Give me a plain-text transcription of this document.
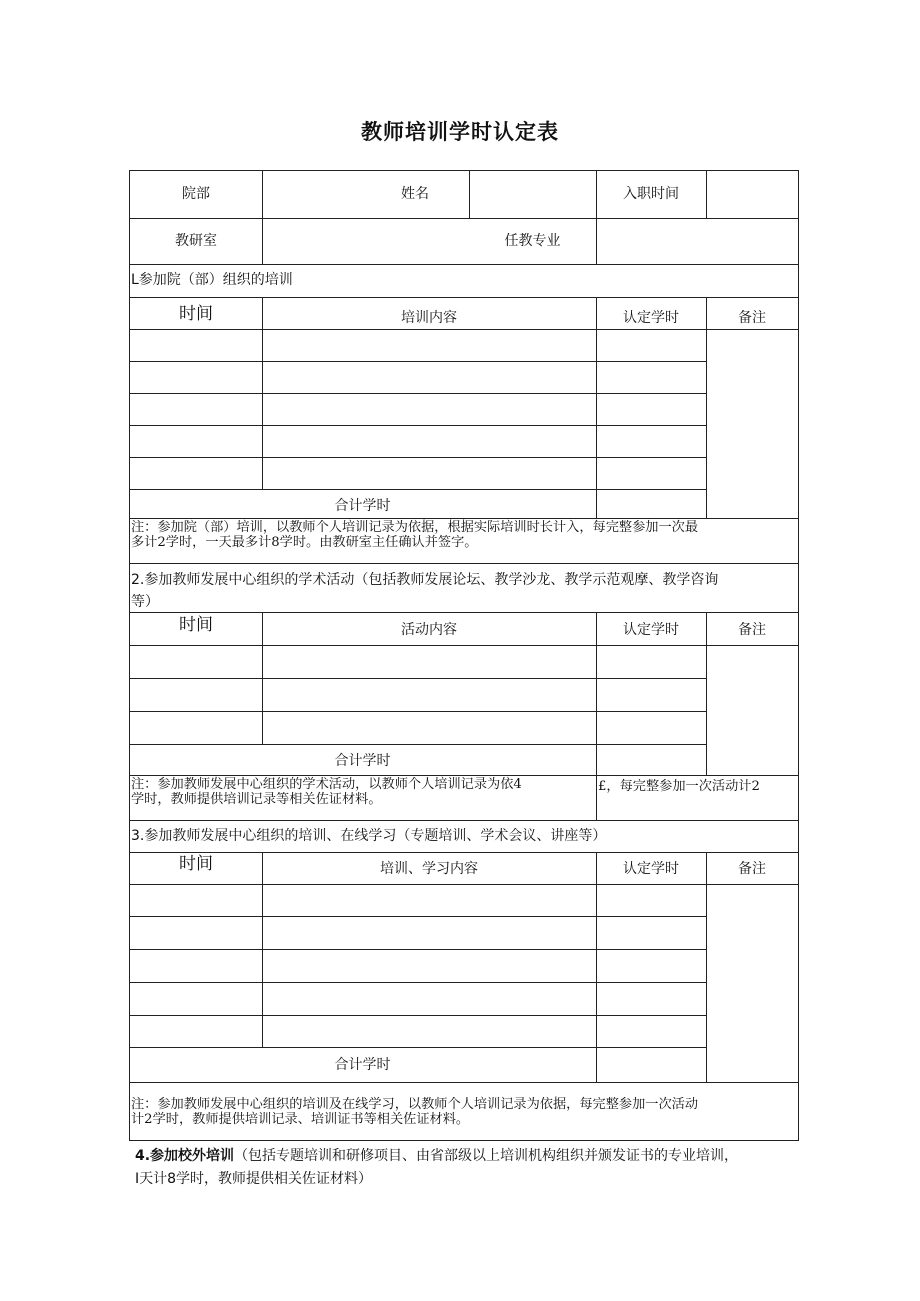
教师培训学时认定表
院部	姓名	入职时间
教研室	任教专业
L参加院（部）组织的培训
时间	培训内容	认定学时	备注
合计学时
注：参加院（部）培训，以教师个人培训记录为依据，根据实际培训时长计入，每完整参加一次最
多计2学时，一天最多计8学时。由教研室主任确认并签字。
2.参加教师发展中心组织的学术活动（包括教师发展论坛、教学沙龙、教学示范观摩、教学咨询
等）
时间	活动内容	认定学时	备注
合计学时
注：参加教师发展中心组织的学术活动，以教师个人培训记录为依4
学时，教师提供培训记录等相关佐证材料。
£，每完整参加一次活动计2
3.参加教师发展中心组织的培训、在线学习（专题培训、学术会议、讲座等）
时间	培训、学习内容	认定学时	备注
合计学时
注：参加教师发展中心组织的培训及在线学习，以教师个人培训记录为依据，每完整参加一次活动
计2学时，教师提供培训记录、培训证书等相关佐证材料。
4.参加校外培训（包括专题培训和研修项目、由省部级以上培训机构组织并颁发证书的专业培训，
I天计8学时，教师提供相关佐证材料）
